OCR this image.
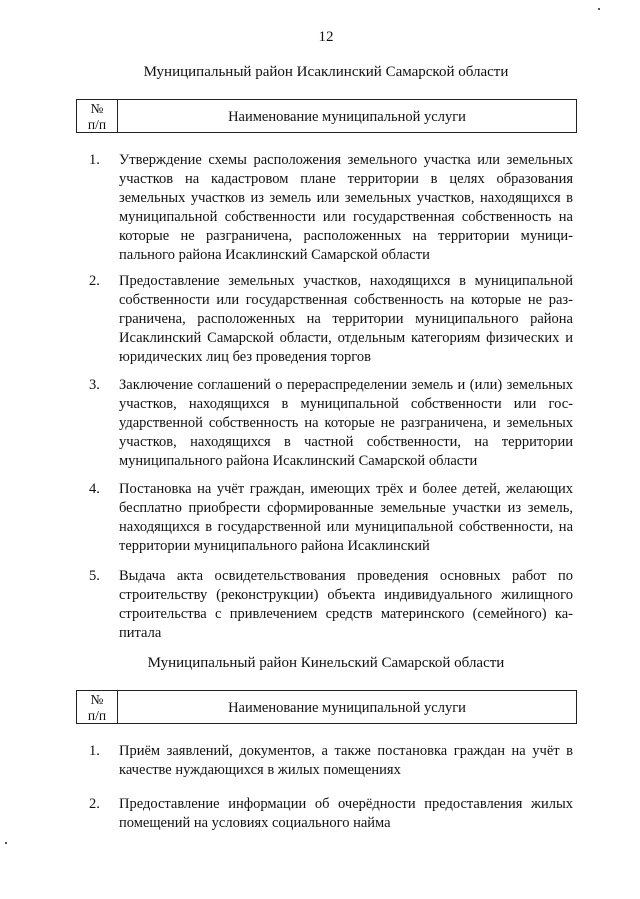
12
Муниципальный район Исаклинский Самарской области
№
п/п	Наименование муниципальной услуги
1.	Утверждение схемы расположения земельного участка или земельных участков на кадастровом плане территории в целях образования земельных участков из земель или земельных участков, находящихся в муниципальной собственности или государственная собственность на которые не разграничена, расположенных на территории муниципального района Исаклинский Самарской области
2.	Предоставление земельных участков, находящихся в муниципальной собственности или государственная собственность на которые не разграничена, расположенных на территории муниципального района Исаклинский Самарской области, отдельным категориям физических и юридических лиц без проведения торгов
3.	Заключение соглашений о перераспределении земель и (или) земельных участков, находящихся в муниципальной собственности или государственной собственность на которые не разграничена, и земельных участков, находящихся в частной собственности, на территории муниципального района Исаклинский Самарской области
4.	Постановка на учёт граждан, имеющих трёх и более детей, желающих бесплатно приобрести сформированные земельные участки из земель, находящихся в государственной или муниципальной собственности, на территории муниципального района Исаклинский
5.	Выдача акта освидетельствования проведения основных работ по строительству (реконструкции) объекта индивидуального жилищного строительства с привлечением средств материнского (семейного) капитала
Муниципальный район Кинельский Самарской области
№
п/п	Наименование муниципальной услуги
1.	Приём заявлений, документов, а также постановка граждан на учёт в качестве нуждающихся в жилых помещениях
2.	Предоставление информации об очерёдности предоставления жилых помещений на условиях социального найма
